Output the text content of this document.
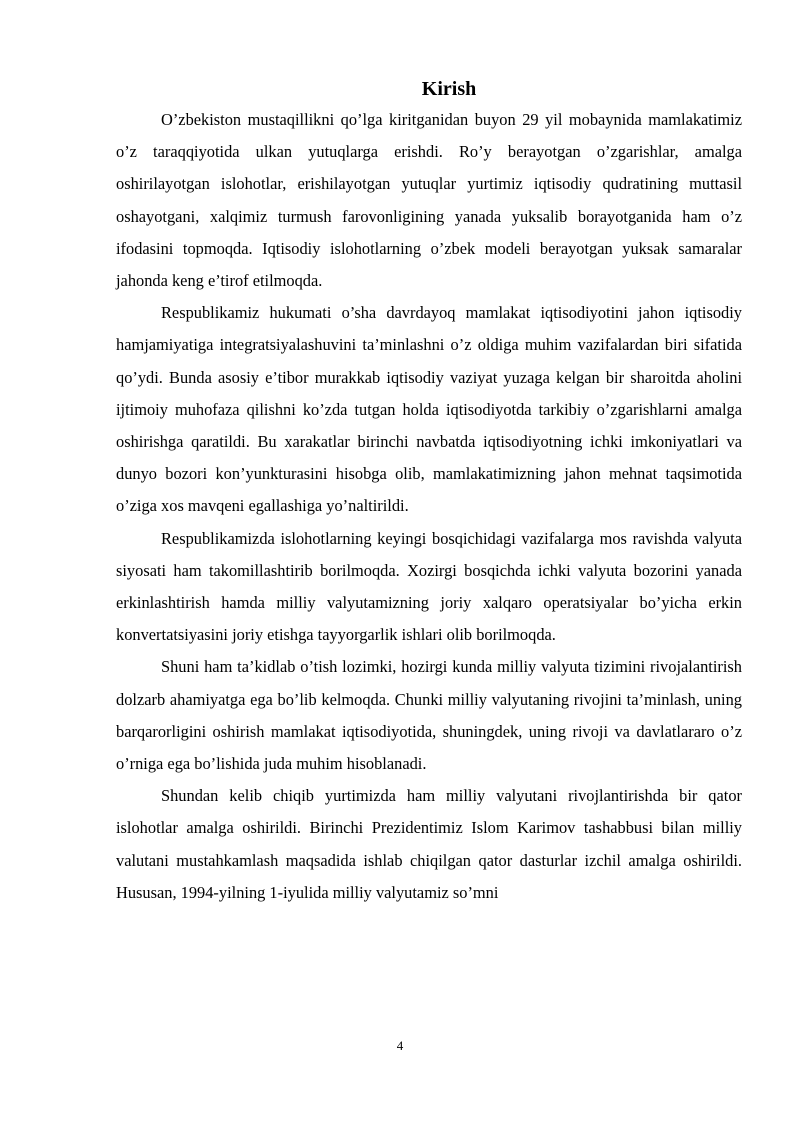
Kirish

O’zbekiston mustaqillikni qo’lga kiritganidan buyon 29 yil mobaynida mamlakatimiz o’z taraqqiyotida ulkan yutuqlarga erishdi. Ro’y berayotgan o’zgarishlar, amalga oshirilayotgan islohotlar, erishilayotgan yutuqlar yurtimiz iqtisodiy qudratining muttasil oshayotgani, xalqimiz turmush farovonligining yanada yuksalib borayotganida ham o’z ifodasini topmoqda. Iqtisodiy islohotlarning o’zbek modeli berayotgan yuksak samaralar jahonda keng e’tirof etilmoqda.

Respublikamiz hukumati o’sha davrdayoq mamlakat iqtisodiyotini jahon iqtisodiy hamjamiyatiga integratsiyalashuvini ta’minlashni o’z oldiga muhim vazifalardan biri sifatida qo’ydi. Bunda asosiy e’tibor murakkab iqtisodiy vaziyat yuzaga kelgan bir sharoitda aholini ijtimoiy muhofaza qilishni ko’zda tutgan holda iqtisodiyotda tarkibiy o’zgarishlarni amalga oshirishga qaratildi. Bu xarakatlar birinchi navbatda iqtisodiyotning ichki imkoniyatlari va dunyo bozori kon’yunkturasini hisobga olib, mamlakatimizning jahon mehnat taqsimotida o’ziga xos mavqeni egallashiga yo’naltirildi.

Respublikamizda islohotlarning keyingi bosqichidagi vazifalarga mos ravishda valyuta siyosati ham takomillashtirib borilmoqda. Xozirgi bosqichda ichki valyuta bozorini yanada erkinlashtirish hamda milliy valyutamizning joriy xalqaro operatsiyalar bo’yicha erkin konvertatsiyasini joriy etishga tayyorgarlik ishlari olib borilmoqda.

Shuni ham ta’kidlab o’tish lozimki, hozirgi kunda milliy valyuta tizimini rivojalantirish dolzarb ahamiyatga ega bo’lib kelmoqda. Chunki milliy valyutaning rivojini ta’minlash, uning barqarorligini oshirish mamlakat iqtisodiyotida, shuningdek, uning rivoji va davlatlararo o’z o’rniga ega bo’lishida juda muhim hisoblanadi.

Shundan kelib chiqib yurtimizda ham milliy valyutani rivojlantirishda bir qator islohotlar amalga oshirildi. Birinchi Prezidentimiz Islom Karimov tashabbusi bilan milliy valutani mustahkamlash maqsadida ishlab chiqilgan qator dasturlar izchil amalga oshirildi. Hususan, 1994-yilning 1-iyulida milliy valyutamiz so’mni

4
